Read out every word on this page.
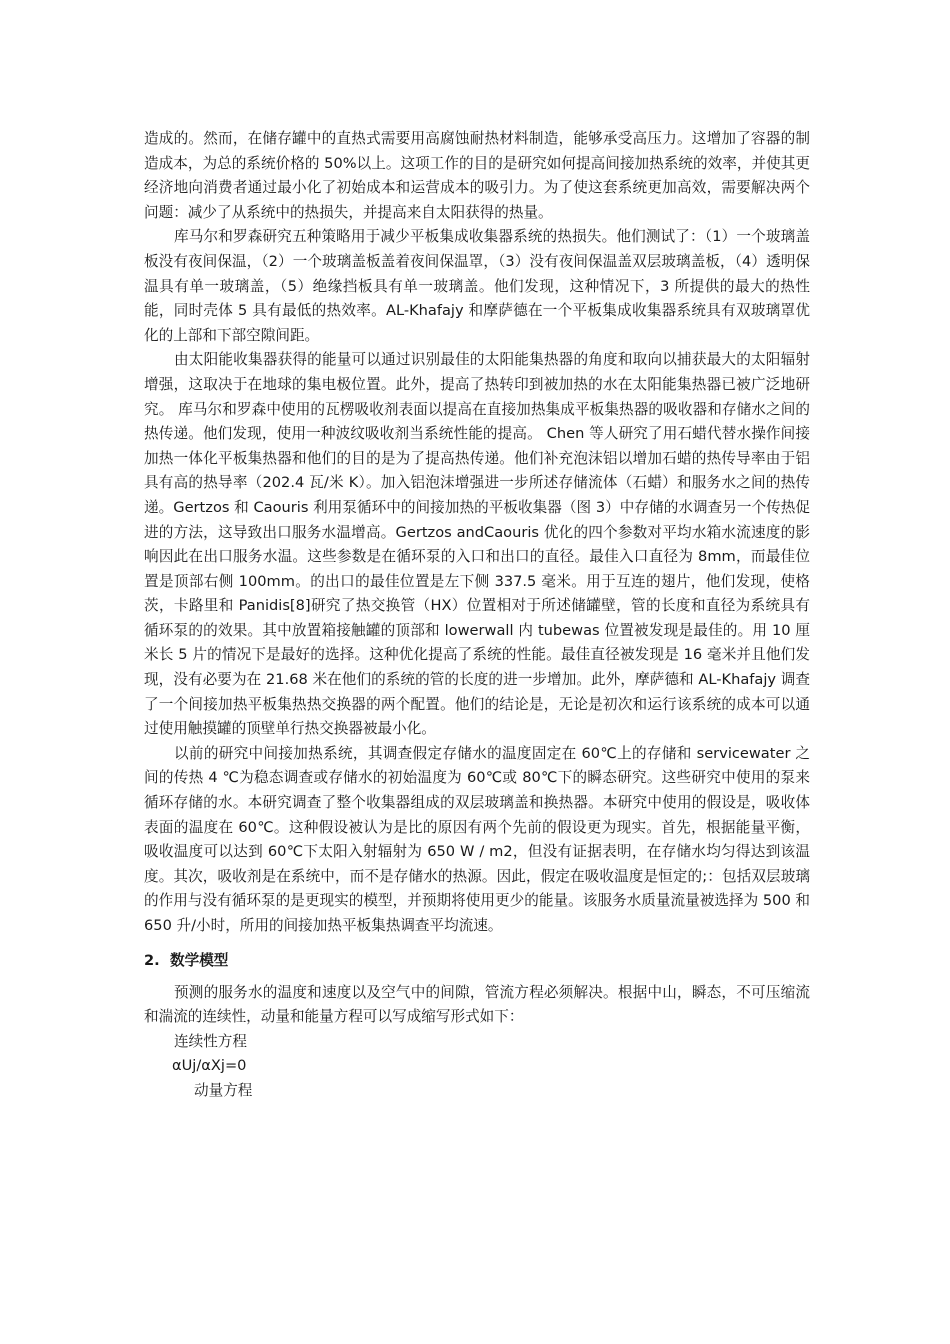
造成的。然而，在储存罐中的直热式需要用高腐蚀耐热材料制造，能够承受高压力。这增加了容器的制造成本，为总的系统价格的 50%以上。这项工作的目的是研究如何提高间接加热系统的效率，并使其更经济地向消费者通过最小化了初始成本和运营成本的吸引力。为了使这套系统更加高效，需要解决两个问题：减少了从系统中的热损失，并提高来自太阳获得的热量。

库马尔和罗森研究五种策略用于减少平板集成收集器系统的热损失。他们测试了：（1）一个玻璃盖板没有夜间保温，（2）一个玻璃盖板盖着夜间保温罩，（3）没有夜间保温盖双层玻璃盖板，（4）透明保温具有单一玻璃盖，（5）绝缘挡板具有单一玻璃盖。他们发现，这种情况下，3 所提供的最大的热性能，同时壳体 5 具有最低的热效率。AL-Khafajy 和摩萨德在一个平板集成收集器系统具有双玻璃罩优化的上部和下部空隙间距。

由太阳能收集器获得的能量可以通过识别最佳的太阳能集热器的角度和取向以捕获最大的太阳辐射增强，这取决于在地球的集电极位置。此外，提高了热转印到被加热的水在太阳能集热器已被广泛地研究。 库马尔和罗森中使用的瓦楞吸收剂表面以提高在直接加热集成平板集热器的吸收器和存储水之间的热传递。他们发现，使用一种波纹吸收剂当系统性能的提高。 Chen 等人研究了用石蜡代替水操作间接加热一体化平板集热器和他们的目的是为了提高热传递。他们补充泡沫铝以增加石蜡的热传导率由于铝具有高的热导率（202.4 瓦/米 K）。加入铝泡沫增强进一步所述存储流体（石蜡）和服务水之间的热传递。Gertzos 和 Caouris 利用泵循环中的间接加热的平板收集器（图 3）中存储的水调查另一个传热促进的方法，这导致出口服务水温增高。Gertzos andCaouris 优化的四个参数对平均水箱水流速度的影响因此在出口服务水温。这些参数是在循环泵的入口和出口的直径。最佳入口直径为 8mm，而最佳位置是顶部右侧 100mm。的出口的最佳位置是左下侧 337.5 毫米。用于互连的翅片，他们发现，使格茨，卡路里和 Panidis[8]研究了热交换管（HX）位置相对于所述储罐壁，管的长度和直径为系统具有循环泵的的效果。其中放置箱接触罐的顶部和 lowerwall 内 tubewas 位置被发现是最佳的。用 10 厘米长 5 片的情况下是最好的选择。这种优化提高了系统的性能。最佳直径被发现是 16 毫米并且他们发现，没有必要为在 21.68 米在他们的系统的管的长度的进一步增加。此外，摩萨德和 AL-Khafajy 调查了一个间接加热平板集热热交换器的两个配置。他们的结论是，无论是初次和运行该系统的成本可以通过使用触摸罐的顶壁单行热交换器被最小化。

以前的研究中间接加热系统，其调查假定存储水的温度固定在 60℃上的存储和 servicewater 之间的传热 4 ℃为稳态调查或存储水的初始温度为 60℃或 80℃下的瞬态研究。这些研究中使用的泵来循环存储的水。本研究调查了整个收集器组成的双层玻璃盖和换热器。本研究中使用的假设是，吸收体表面的温度在 60℃。这种假设被认为是比的原因有两个先前的假设更为现实。首先，根据能量平衡，吸收温度可以达到 60℃下太阳入射辐射为 650 W / m2，但没有证据表明，在存储水均匀得达到该温度。其次，吸收剂是在系统中，而不是存储水的热源。因此，假定在吸收温度是恒定的;：包括双层玻璃的作用与没有循环泵的是更现实的模型，并预期将使用更少的能量。该服务水质量流量被选择为 500 和 650 升/小时，所用的间接加热平板集热调查平均流速。

2. 数学模型

预测的服务水的温度和速度以及空气中的间隙，管流方程必须解决。根据中山，瞬态，不可压缩流和湍流的连续性，动量和能量方程可以写成缩写形式如下：

连续性方程

αUj/αXj=0

动量方程
